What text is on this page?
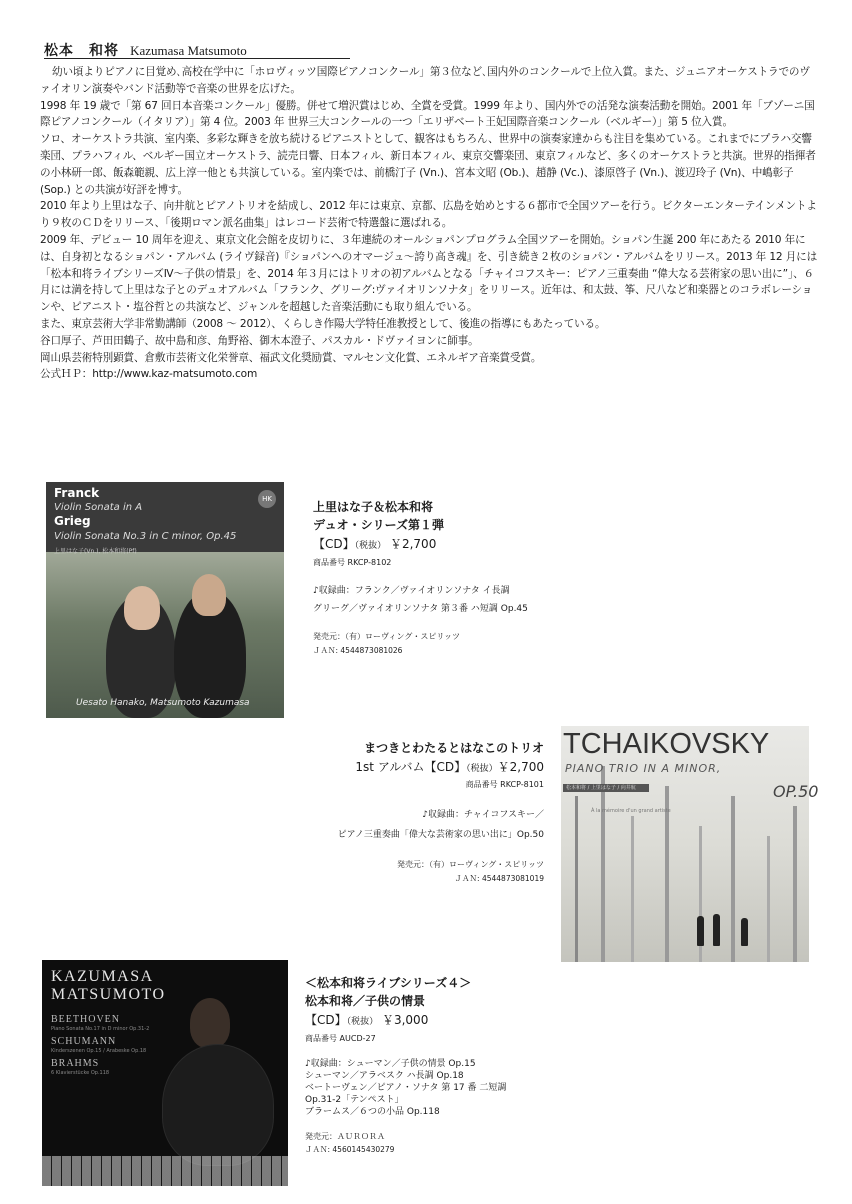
松本　和将 Kazumasa Matsumoto

幼い頃よりピアノに目覚め､高校在学中に「ホロヴィッツ国際ピアノコンクール」第３位など､国内外のコンクールで上位入賞。また、ジュニアオーケストラでのヴァイオリン演奏やバンド活動等で音楽の世界を広げた。

1998 年 19 歳で「第 67 回日本音楽コンクール」優勝。併せて増沢賞はじめ、全賞を受賞。1999 年より、国内外での活発な演奏活動を開始。2001 年「ブゾーニ国際ピアノコンクール（イタリア）」第 4 位。2003 年 世界三大コンクールの一つ「エリザベート王妃国際音楽コンクール（ベルギー）」第 5 位入賞。

ソロ、オーケストラ共演、室内楽、多彩な輝きを放ち続けるピアニストとして、観客はもちろん、世界中の演奏家達からも注目を集めている。これまでにプラハ交響楽団、プラハフィル、ベルギー国立オーケストラ、読売日響、日本フィル、新日本フィル、東京交響楽団、東京フィルなど、多くのオーケストラと共演。世界的指揮者の小林研一郎、飯森範親、広上淳一他とも共演している。室内楽では、前橋汀子 (Vn.)、宮本文昭 (Ob.)、趙静 (Vc.)、漆原啓子 (Vn.)、渡辺玲子 (Vn)、中嶋彰子 (Sop.) との共演が好評を博す。

2010 年より上里はな子、向井航とピアノトリオを結成し、2012 年には東京、京都、広島を始めとする６都市で全国ツアーを行う。ビクターエンターテインメントより９枚のＣＤをリリース、「後期ロマン派名曲集」はレコード芸術で特選盤に選ばれる。

2009 年、デビュー 10 周年を迎え、東京文化会館を皮切りに、３年連続のオールショパンプログラム全国ツアーを開始。ショパン生誕 200 年にあたる 2010 年には、自身初となるショパン・アルバム (ライヴ録音)『ショパンへのオマージュ～誇り高き魂』を、引き続き２枚のショパン・アルバムをリリース。2013 年 12 月には「松本和将ライブシリーズⅣ～子供の情景」を、2014 年３月にはトリオの初アルバムとなる「チャイコフスキー：ピアノ三重奏曲 “偉大なる芸術家の思い出に”」、６月には満を持して上里はな子とのデュオアルバム「フランク、グリーグ:ヴァイオリンソナタ」をリリース。近年は、和太鼓、筝、尺八など和楽器とのコラボレーションや、ピアニスト・塩谷哲との共演など、ジャンルを超越した音楽活動にも取り組んでいる。

また、東京芸術大学非常勤講師（2008 ～ 2012）、くらしき作陽大学特任准教授として、後進の指導にもあたっている。

谷口厚子、芦田田鶴子、故中島和彦、角野裕、御木本澄子、パスカル・ドヴァイヨンに師事。

岡山県芸術特別顕賞、倉敷市芸術文化栄誉章、福武文化奨励賞、マルセン文化賞、エネルギア音楽賞受賞。

公式ＨＰ：http://www.kaz-matsumoto.com

Franck
Violin Sonata in A
Grieg
Violin Sonata No.3 in C minor, Op.45
上里はな子(Vn.), 松本和将(Pf)
HK
Uesato Hanako, Matsumoto Kazumasa
上里はな子＆松本和将
デュオ・シリーズ第１弾
【CD】（税抜） ￥2,700
商品番号 RKCP-8102
♪収録曲：フランク／ヴァイオリンソナタ イ長調
グリーグ／ヴァイオリンソナタ 第３番 ハ短調 Op.45
発売元：（有）ローヴィング・スピリッツ
ＪＡＮ: 4544873081026
まつきとわたるとはなこのトリオ
1st アルバム【CD】（税抜）￥2,700
商品番号 RKCP-8101
♪収録曲：チャイコフスキー／
ピアノ三重奏曲「偉大な芸術家の思い出に」Op.50
発売元：（有）ローヴィング・スピリッツ
ＪＡＮ: 4544873081019
TCHAIKOVSKY
PIANO TRIO IN A MINOR,
OP.50
松本和将 / 上里はな子 / 向井航
À la mémoire d'un grand artiste
KAZUMASA
MATSUMOTO
BEETHOVEN
Piano Sonata No.17 in D minor Op.31-2
SCHUMANN
Kinderszenen Op.15 / Arabeske Op.18
BRAHMS
6 Klavierstücke Op.118
＜松本和将ライブシリーズ４＞
松本和将／子供の情景
【CD】（税抜） ￥3,000
商品番号 AUCD-27
♪収録曲：シューマン／子供の情景 Op.15
シューマン／アラベスク ハ長調 Op.18
ベートーヴェン／ピアノ・ソナタ 第 17 番 二短調
Op.31-2「テンペスト」
ブラームス／６つの小品 Op.118
発売元：ＡＵＲＯＲＡ
ＪＡＮ: 4560145430279
